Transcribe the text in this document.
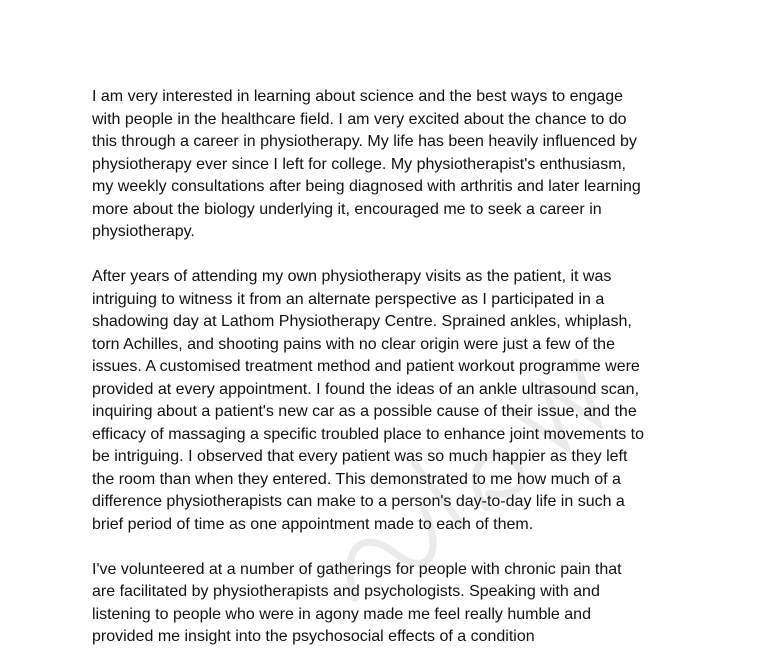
I am very interested in learning about science and the best ways to engage
with people in the healthcare field. I am very excited about the chance to do
this through a career in physiotherapy. My life has been heavily influenced by
physiotherapy ever since I left for college. My physiotherapist's enthusiasm,
my weekly consultations after being diagnosed with arthritis and later learning
more about the biology underlying it, encouraged me to seek a career in
physiotherapy.

After years of attending my own physiotherapy visits as the patient, it was
intriguing to witness it from an alternate perspective as I participated in a
shadowing day at Lathom Physiotherapy Centre. Sprained ankles, whiplash,
torn Achilles, and shooting pains with no clear origin were just a few of the
issues. A customised treatment method and patient workout programme were
provided at every appointment. I found the ideas of an ankle ultrasound scan,
inquiring about a patient's new car as a possible cause of their issue, and the
efficacy of massaging a specific troubled place to enhance joint movements to
be intriguing. I observed that every patient was so much happier as they left
the room than when they entered. This demonstrated to me how much of a
difference physiotherapists can make to a person's day-to-day life in such a
brief period of time as one appointment made to each of them.

I've volunteered at a number of gatherings for people with chronic pain that
are facilitated by physiotherapists and psychologists. Speaking with and
listening to people who were in agony made me feel really humble and
provided me insight into the psychosocial effects of a condition
